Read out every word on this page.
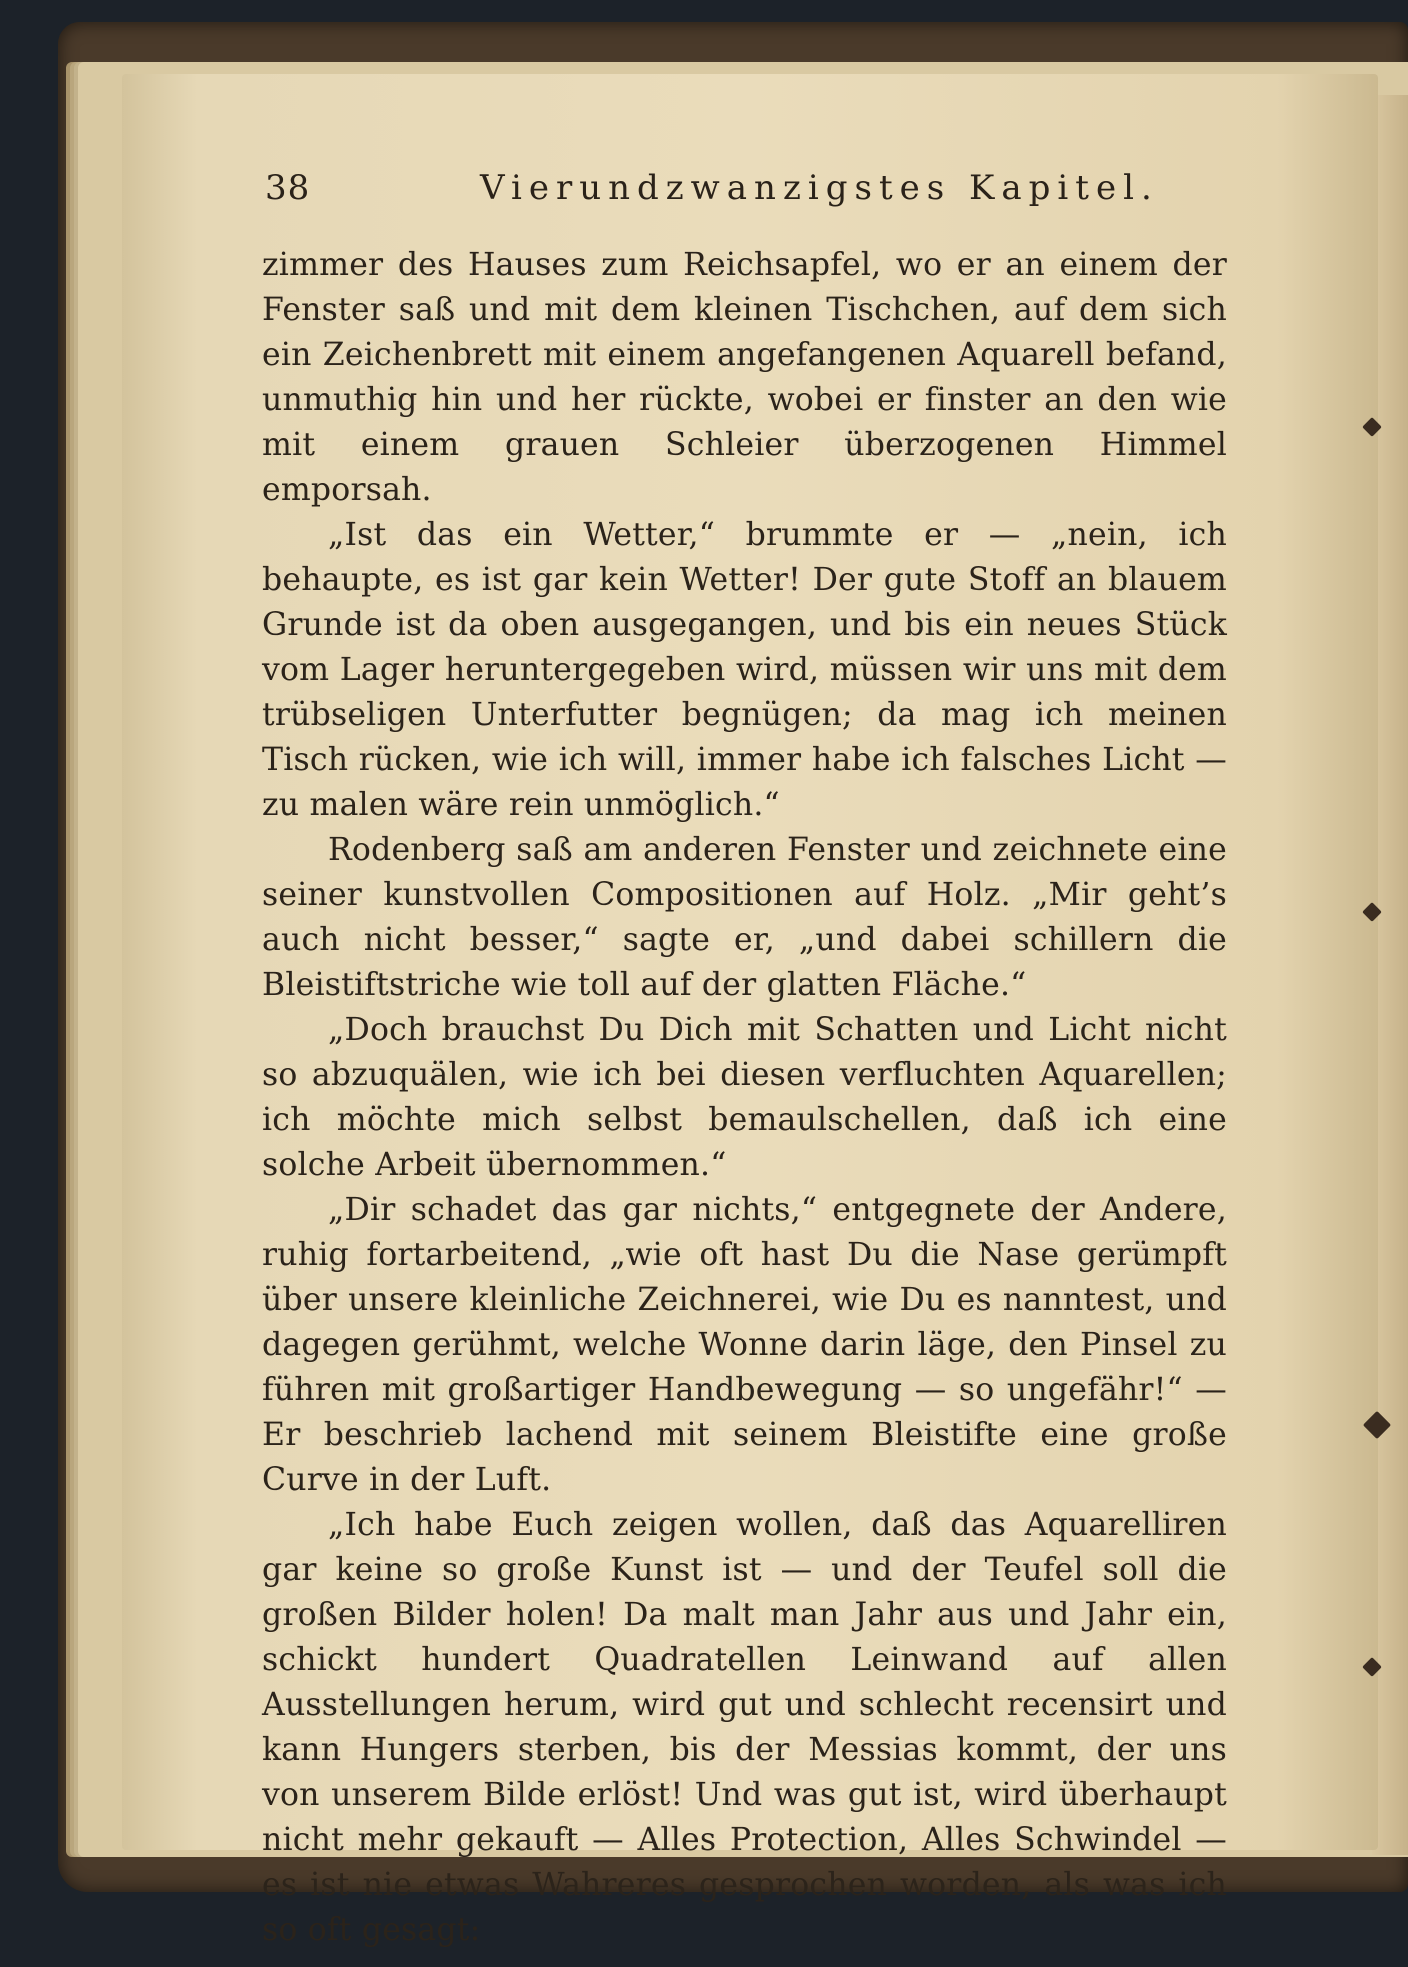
38	Vierundzwanzigstes Kapitel.

zimmer des Hauses zum Reichsapfel, wo er an einem der Fenster saß und mit dem kleinen Tischchen, auf dem sich ein Zeichenbrett mit einem angefangenen Aquarell befand, unmuthig hin und her rückte, wobei er finster an den wie mit einem grauen Schleier überzogenen Himmel emporsah.

„Ist das ein Wetter,“ brummte er — „nein, ich behaupte, es ist gar kein Wetter! Der gute Stoff an blauem Grunde ist da oben ausgegangen, und bis ein neues Stück vom Lager heruntergegeben wird, müssen wir uns mit dem trübseligen Unterfutter begnügen; da mag ich meinen Tisch rücken, wie ich will, immer habe ich falsches Licht — zu malen wäre rein unmöglich.“

Rodenberg saß am anderen Fenster und zeichnete eine seiner kunstvollen Compositionen auf Holz. „Mir geht’s auch nicht besser,“ sagte er, „und dabei schillern die Bleistiftstriche wie toll auf der glatten Fläche.“

„Doch brauchst Du Dich mit Schatten und Licht nicht so abzuquälen, wie ich bei diesen verfluchten Aquarellen; ich möchte mich selbst bemaulschellen, daß ich eine solche Arbeit übernommen.“

„Dir schadet das gar nichts,“ entgegnete der Andere, ruhig fortarbeitend, „wie oft hast Du die Nase gerümpft über unsere kleinliche Zeichnerei, wie Du es nanntest, und dagegen gerühmt, welche Wonne darin läge, den Pinsel zu führen mit großartiger Handbewegung — so ungefähr!“ — Er beschrieb lachend mit seinem Bleistifte eine große Curve in der Luft.

„Ich habe Euch zeigen wollen, daß das Aquarelliren gar keine so große Kunst ist — und der Teufel soll die großen Bilder holen! Da malt man Jahr aus und Jahr ein, schickt hundert Quadratellen Leinwand auf allen Ausstellungen herum, wird gut und schlecht recensirt und kann Hungers sterben, bis der Messias kommt, der uns von unserem Bilde erlöst! Und was gut ist, wird überhaupt nicht mehr gekauft — Alles Protection, Alles Schwindel — es ist nie etwas Wahreres gesprochen worden, als was ich so oft gesagt:
